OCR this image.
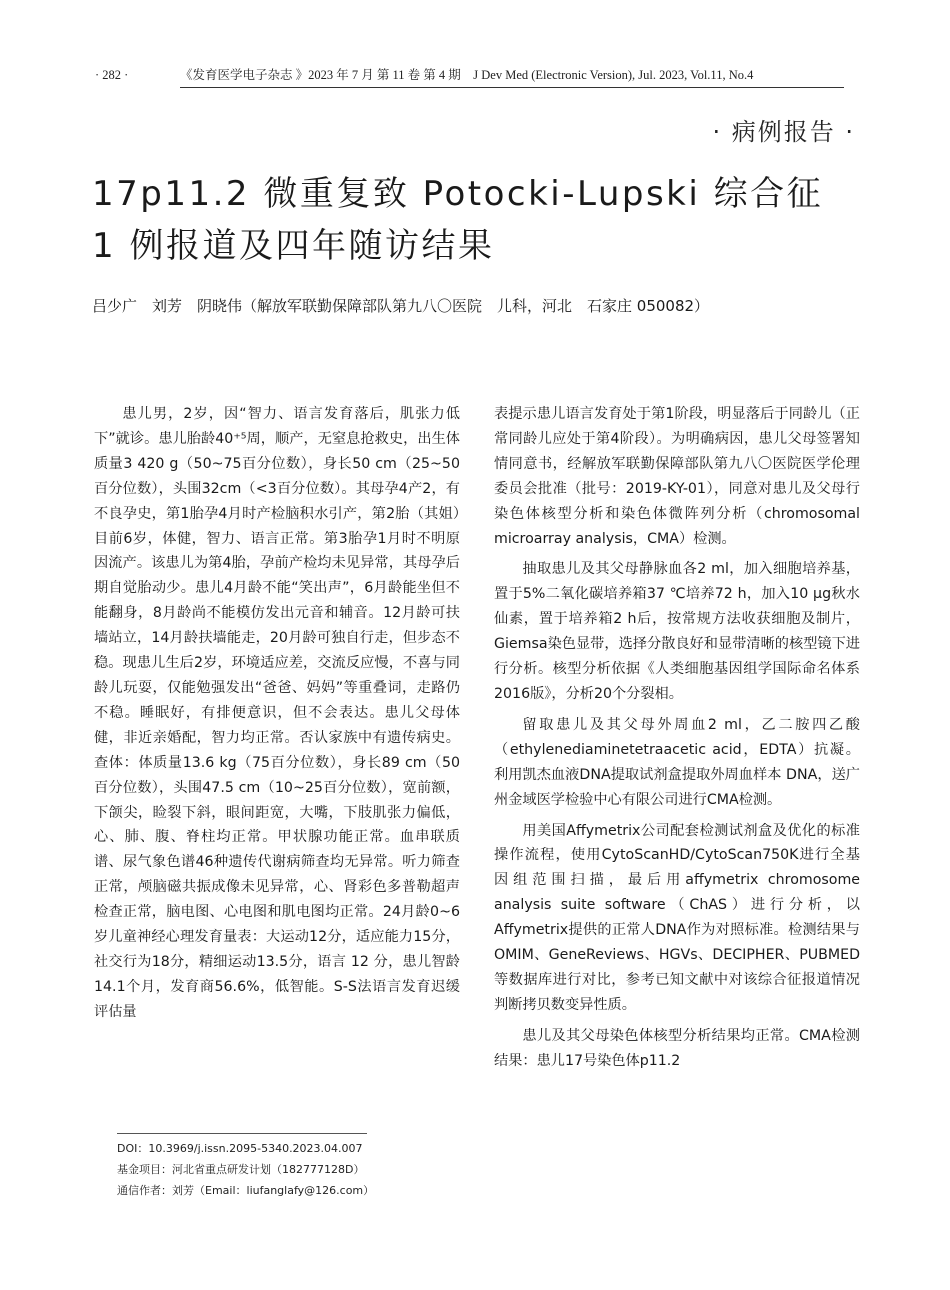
· 282 ·	《发育医学电子杂志 》2023 年 7 月 第 11 卷 第 4 期　J Dev Med (Electronic Version), Jul. 2023, Vol.11, No.4
· 病例报告 ·
17p11.2 微重复致 Potocki-Lupski 综合征
1 例报道及四年随访结果
吕少广　刘芳　阴晓伟（解放军联勤保障部队第九八〇医院　儿科，河北　石家庄 050082）

患儿男，2岁，因“智力、语言发育落后，肌张力低下”就诊。患儿胎龄40⁺⁵周，顺产，无窒息抢救史，出生体质量3 420 g（50~75百分位数），身长50 cm（25~50百分位数），头围32cm（<3百分位数）。其母孕4产2，有不良孕史，第1胎孕4月时产检脑积水引产，第2胎（其姐）目前6岁，体健，智力、语言正常。第3胎孕1月时不明原因流产。该患儿为第4胎，孕前产检均未见异常，其母孕后期自觉胎动少。患儿4月龄不能“笑出声”，6月龄能坐但不能翻身，8月龄尚不能模仿发出元音和辅音。12月龄可扶墙站立，14月龄扶墙能走，20月龄可独自行走，但步态不稳。现患儿生后2岁，环境适应差，交流反应慢，不喜与同龄儿玩耍，仅能勉强发出“爸爸、妈妈”等重叠词，走路仍不稳。睡眠好，有排便意识，但不会表达。患儿父母体健，非近亲婚配，智力均正常。否认家族中有遗传病史。查体：体质量13.6 kg（75百分位数），身长89 cm（50百分位数），头围47.5 cm（10~25百分位数），宽前额，下颌尖，睑裂下斜，眼间距宽，大嘴，下肢肌张力偏低，心、肺、腹、脊柱均正常。甲状腺功能正常。血串联质谱、尿气象色谱46种遗传代谢病筛查均无异常。听力筛查正常，颅脑磁共振成像未见异常，心、肾彩色多普勒超声检查正常，脑电图、心电图和肌电图均正常。24月龄0~6岁儿童神经心理发育量表：大运动12分，适应能力15分，社交行为18分，精细运动13.5分，语言 12 分，患儿智龄14.1个月，发育商56.6%，低智能。S-S法语言发育迟缓评估量

表提示患儿语言发育处于第1阶段，明显落后于同龄儿（正常同龄儿应处于第4阶段）。为明确病因，患儿父母签署知情同意书，经解放军联勤保障部队第九八〇医院医学伦理委员会批准（批号：2019-KY-01），同意对患儿及父母行染色体核型分析和染色体微阵列分析（chromosomal microarray analysis，CMA）检测。

抽取患儿及其父母静脉血各2 ml，加入细胞培养基，置于5%二氧化碳培养箱37 ℃培养72 h，加入10 μg秋水仙素，置于培养箱2 h后，按常规方法收获细胞及制片，Giemsa染色显带，选择分散良好和显带清晰的核型镜下进行分析。核型分析依据《人类细胞基因组学国际命名体系2016版》，分析20个分裂相。

留取患儿及其父母外周血2 ml，乙二胺四乙酸（ethylenediaminetetraacetic acid，EDTA）抗凝。利用凯杰血液DNA提取试剂盒提取外周血样本 DNA，送广州金域医学检验中心有限公司进行CMA检测。

用美国Affymetrix公司配套检测试剂盒及优化的标准操作流程，使用CytoScanHD/CytoScan750K进行全基因组范围扫描，最后用affymetrix chromosome analysis suite software（ChAS）进行分析，以Affymetrix提供的正常人DNA作为对照标准。检测结果与OMIM、GeneReviews、HGVs、DECIPHER、PUBMED等数据库进行对比，参考已知文献中对该综合征报道情况判断拷贝数变异性质。

患儿及其父母染色体核型分析结果均正常。CMA检测结果：患儿17号染色体p11.2

DOI：10.3969/j.issn.2095-5340.2023.04.007
基金项目：河北省重点研发计划（182777128D）
通信作者：刘芳（Email：liufanglafy@126.com）
